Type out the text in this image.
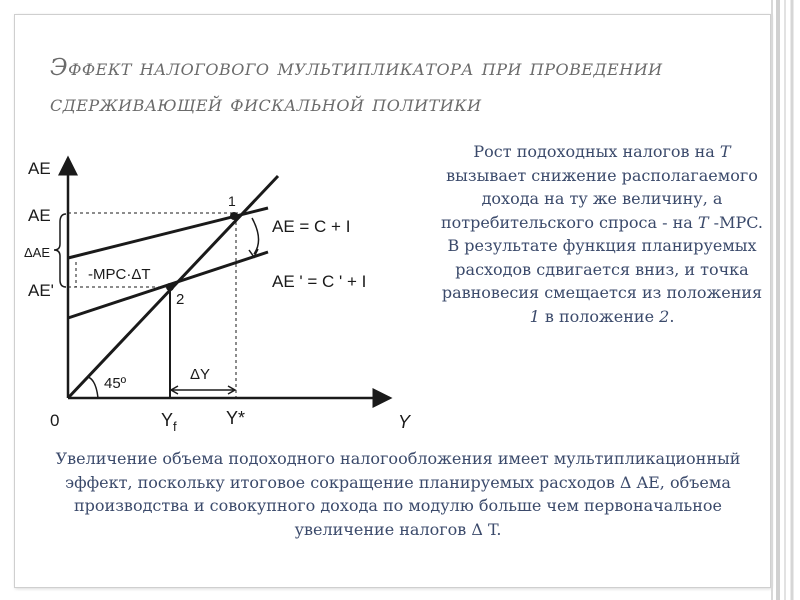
Эффект налогового мультипликатора при проведении
сдерживающей фискальной политики
AE
Y
0
AE
ΔAE
AE'
-MPC·ΔT
1
2
AE = C + I
AE ' = C ' + I
45º
ΔY
$Y_f$	Y*
Рост подоходных налогов на T вызывает снижение располагаемого дохода на ту же величину, а потребительского спроса - на T -MPC. В результате функция планируемых расходов сдвигается вниз, и точка равновесия смещается из положения 1 в положение 2.
Увеличение объема подоходного налогообложения имеет мультипликационный эффект, поскольку итоговое сокращение планируемых расходов Δ AE, объема производства и совокупного дохода по модулю больше чем первоначальное увеличение налогов Δ T.
